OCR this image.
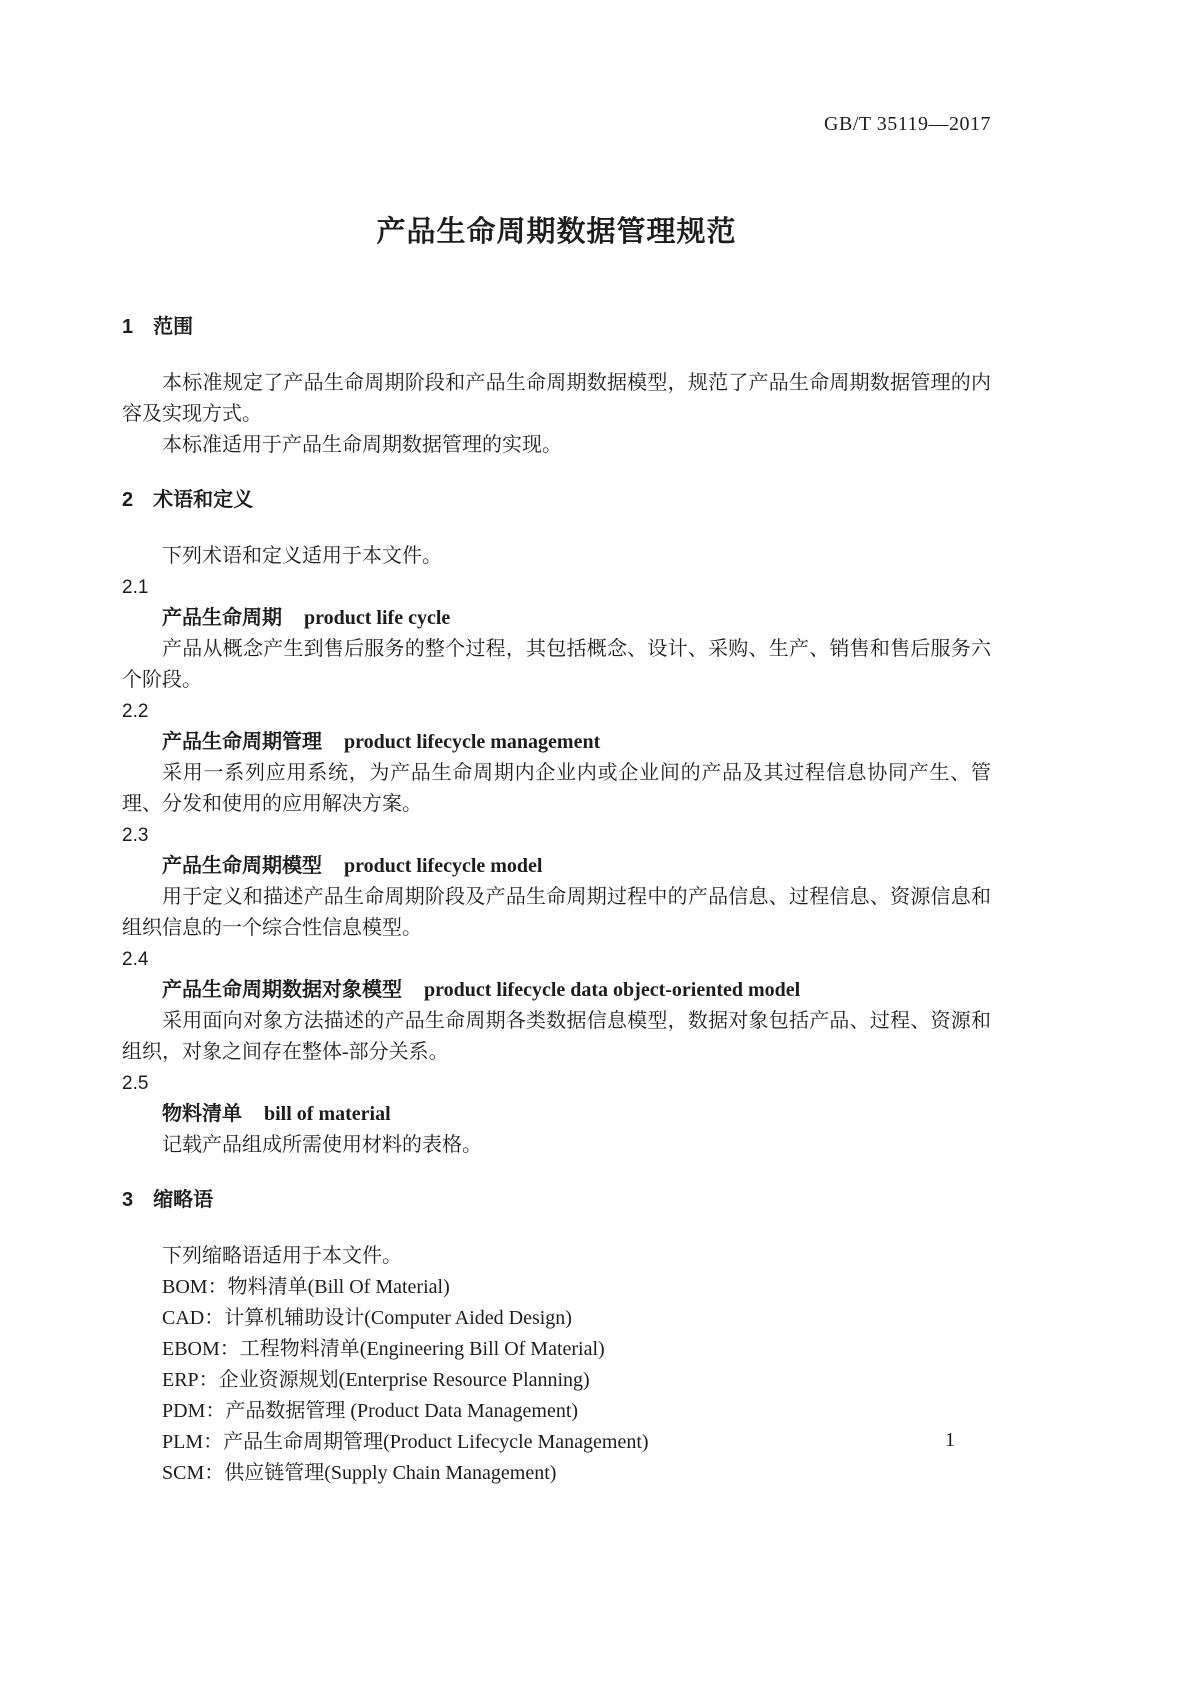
GB/T 35119—2017
产品生命周期数据管理规范
1 范围

本标准规定了产品生命周期阶段和产品生命周期数据模型，规范了产品生命周期数据管理的内容及实现方式。

本标准适用于产品生命周期数据管理的实现。

2 术语和定义

下列术语和定义适用于本文件。

2.1
产品生命周期 product life cycle

产品从概念产生到售后服务的整个过程，其包括概念、设计、采购、生产、销售和售后服务六个阶段。

2.2
产品生命周期管理 product lifecycle management

采用一系列应用系统，为产品生命周期内企业内或企业间的产品及其过程信息协同产生、管理、分发和使用的应用解决方案。

2.3
产品生命周期模型 product lifecycle model

用于定义和描述产品生命周期阶段及产品生命周期过程中的产品信息、过程信息、资源信息和组织信息的一个综合性信息模型。

2.4
产品生命周期数据对象模型 product lifecycle data object-oriented model

采用面向对象方法描述的产品生命周期各类数据信息模型，数据对象包括产品、过程、资源和组织，对象之间存在整体-部分关系。

2.5
物料清单 bill of material

记载产品组成所需使用材料的表格。

3 缩略语

下列缩略语适用于本文件。

BOM：物料清单(Bill Of Material)

CAD：计算机辅助设计(Computer Aided Design)

EBOM：工程物料清单(Engineering Bill Of Material)

ERP：企业资源规划(Enterprise Resource Planning)

PDM：产品数据管理 (Product Data Management)

PLM：产品生命周期管理(Product Lifecycle Management)

SCM：供应链管理(Supply Chain Management)

1
